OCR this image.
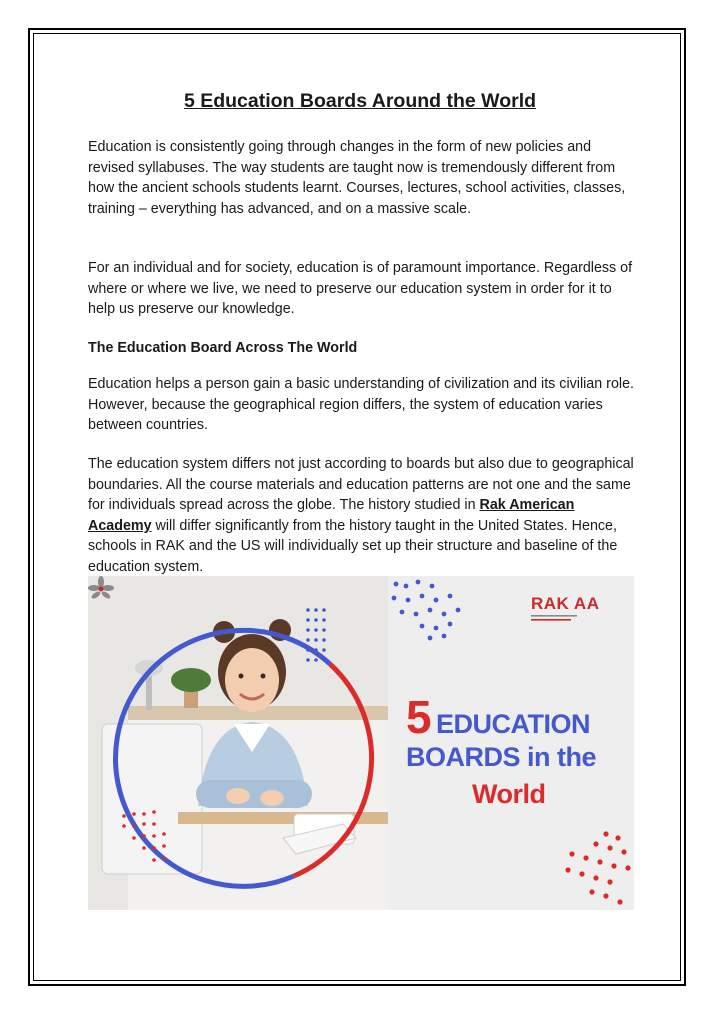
5 Education Boards Around the World

Education is consistently going through changes in the form of new policies and revised syllabuses. The way students are taught now is tremendously different from how the ancient schools students learnt. Courses, lectures, school activities, classes, training – everything has advanced, and on a massive scale.

For an individual and for society, education is of paramount importance. Regardless of where or where we live, we need to preserve our education system in order for it to help us preserve our knowledge.

The Education Board Across The World

Education helps a person gain a basic understanding of civilization and its civilian role. However, because the geographical region differs, the system of education varies between countries.

The education system differs not just according to boards but also due to geographical boundaries. All the course materials and education patterns are not one and the same for individuals spread across the globe. The history studied in Rak American Academy will differ significantly from the history taught in the United States. Hence, schools in RAK and the US will individually set up their structure and baseline of the education system.

RAK AA
5 EDUCATION
BOARDS in the
World
